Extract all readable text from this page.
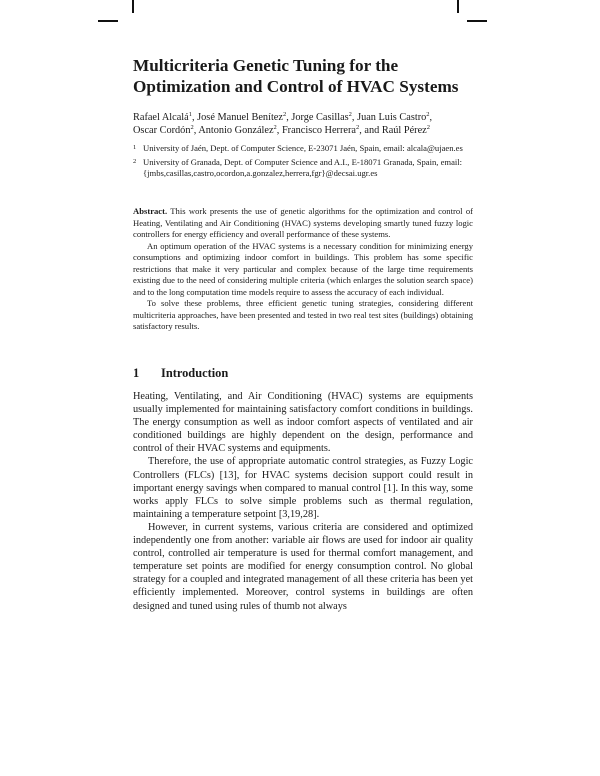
Multicriteria Genetic Tuning for the Optimization and Control of HVAC Systems
Rafael Alcalá$^1$, José Manuel Benítez$^2$, Jorge Casillas$^2$, Juan Luis Castro$^2$,
Oscar Cordón$^2$, Antonio González$^2$, Francisco Herrera$^2$, and Raúl Pérez$^2$
1 University of Jaén, Dept. of Computer Science, E-23071 Jaén, Spain, email: alcala@ujaen.es
2 University of Granada, Dept. of Computer Science and A.I., E-18071 Granada, Spain, email: {jmbs,casillas,castro,ocordon,a.gonzalez,herrera,fgr}@decsai.ugr.es

Abstract. This work presents the use of genetic algorithms for the optimization and control of Heating, Ventilating and Air Conditioning (HVAC) systems developing smartly tuned fuzzy logic controllers for energy efficiency and overall performance of these systems.

An optimum operation of the HVAC systems is a necessary condition for minimizing energy consumptions and optimizing indoor comfort in buildings. This problem has some specific restrictions that make it very particular and complex because of the large time requirements existing due to the need of considering multiple criteria (which enlarges the solution search space) and to the long computation time models require to assess the accuracy of each individual.

To solve these problems, three efficient genetic tuning strategies, considering different multicriteria approaches, have been presented and tested in two real test sites (buildings) obtaining satisfactory results.

1 Introduction

Heating, Ventilating, and Air Conditioning (HVAC) systems are equipments usually implemented for maintaining satisfactory comfort conditions in buildings. The energy consumption as well as indoor comfort aspects of ventilated and air conditioned buildings are highly dependent on the design, performance and control of their HVAC systems and equipments.

Therefore, the use of appropriate automatic control strategies, as Fuzzy Logic Controllers (FLCs) [13], for HVAC systems decision support could result in important energy savings when compared to manual control [1]. In this way, some works apply FLCs to solve simple problems such as thermal regulation, maintaining a temperature setpoint [3,19,28].

However, in current systems, various criteria are considered and optimized independently one from another: variable air flows are used for indoor air quality control, controlled air temperature is used for thermal comfort management, and temperature set points are modified for energy consumption control. No global strategy for a coupled and integrated management of all these criteria has been yet efficiently implemented. Moreover, control systems in buildings are often designed and tuned using rules of thumb not always
